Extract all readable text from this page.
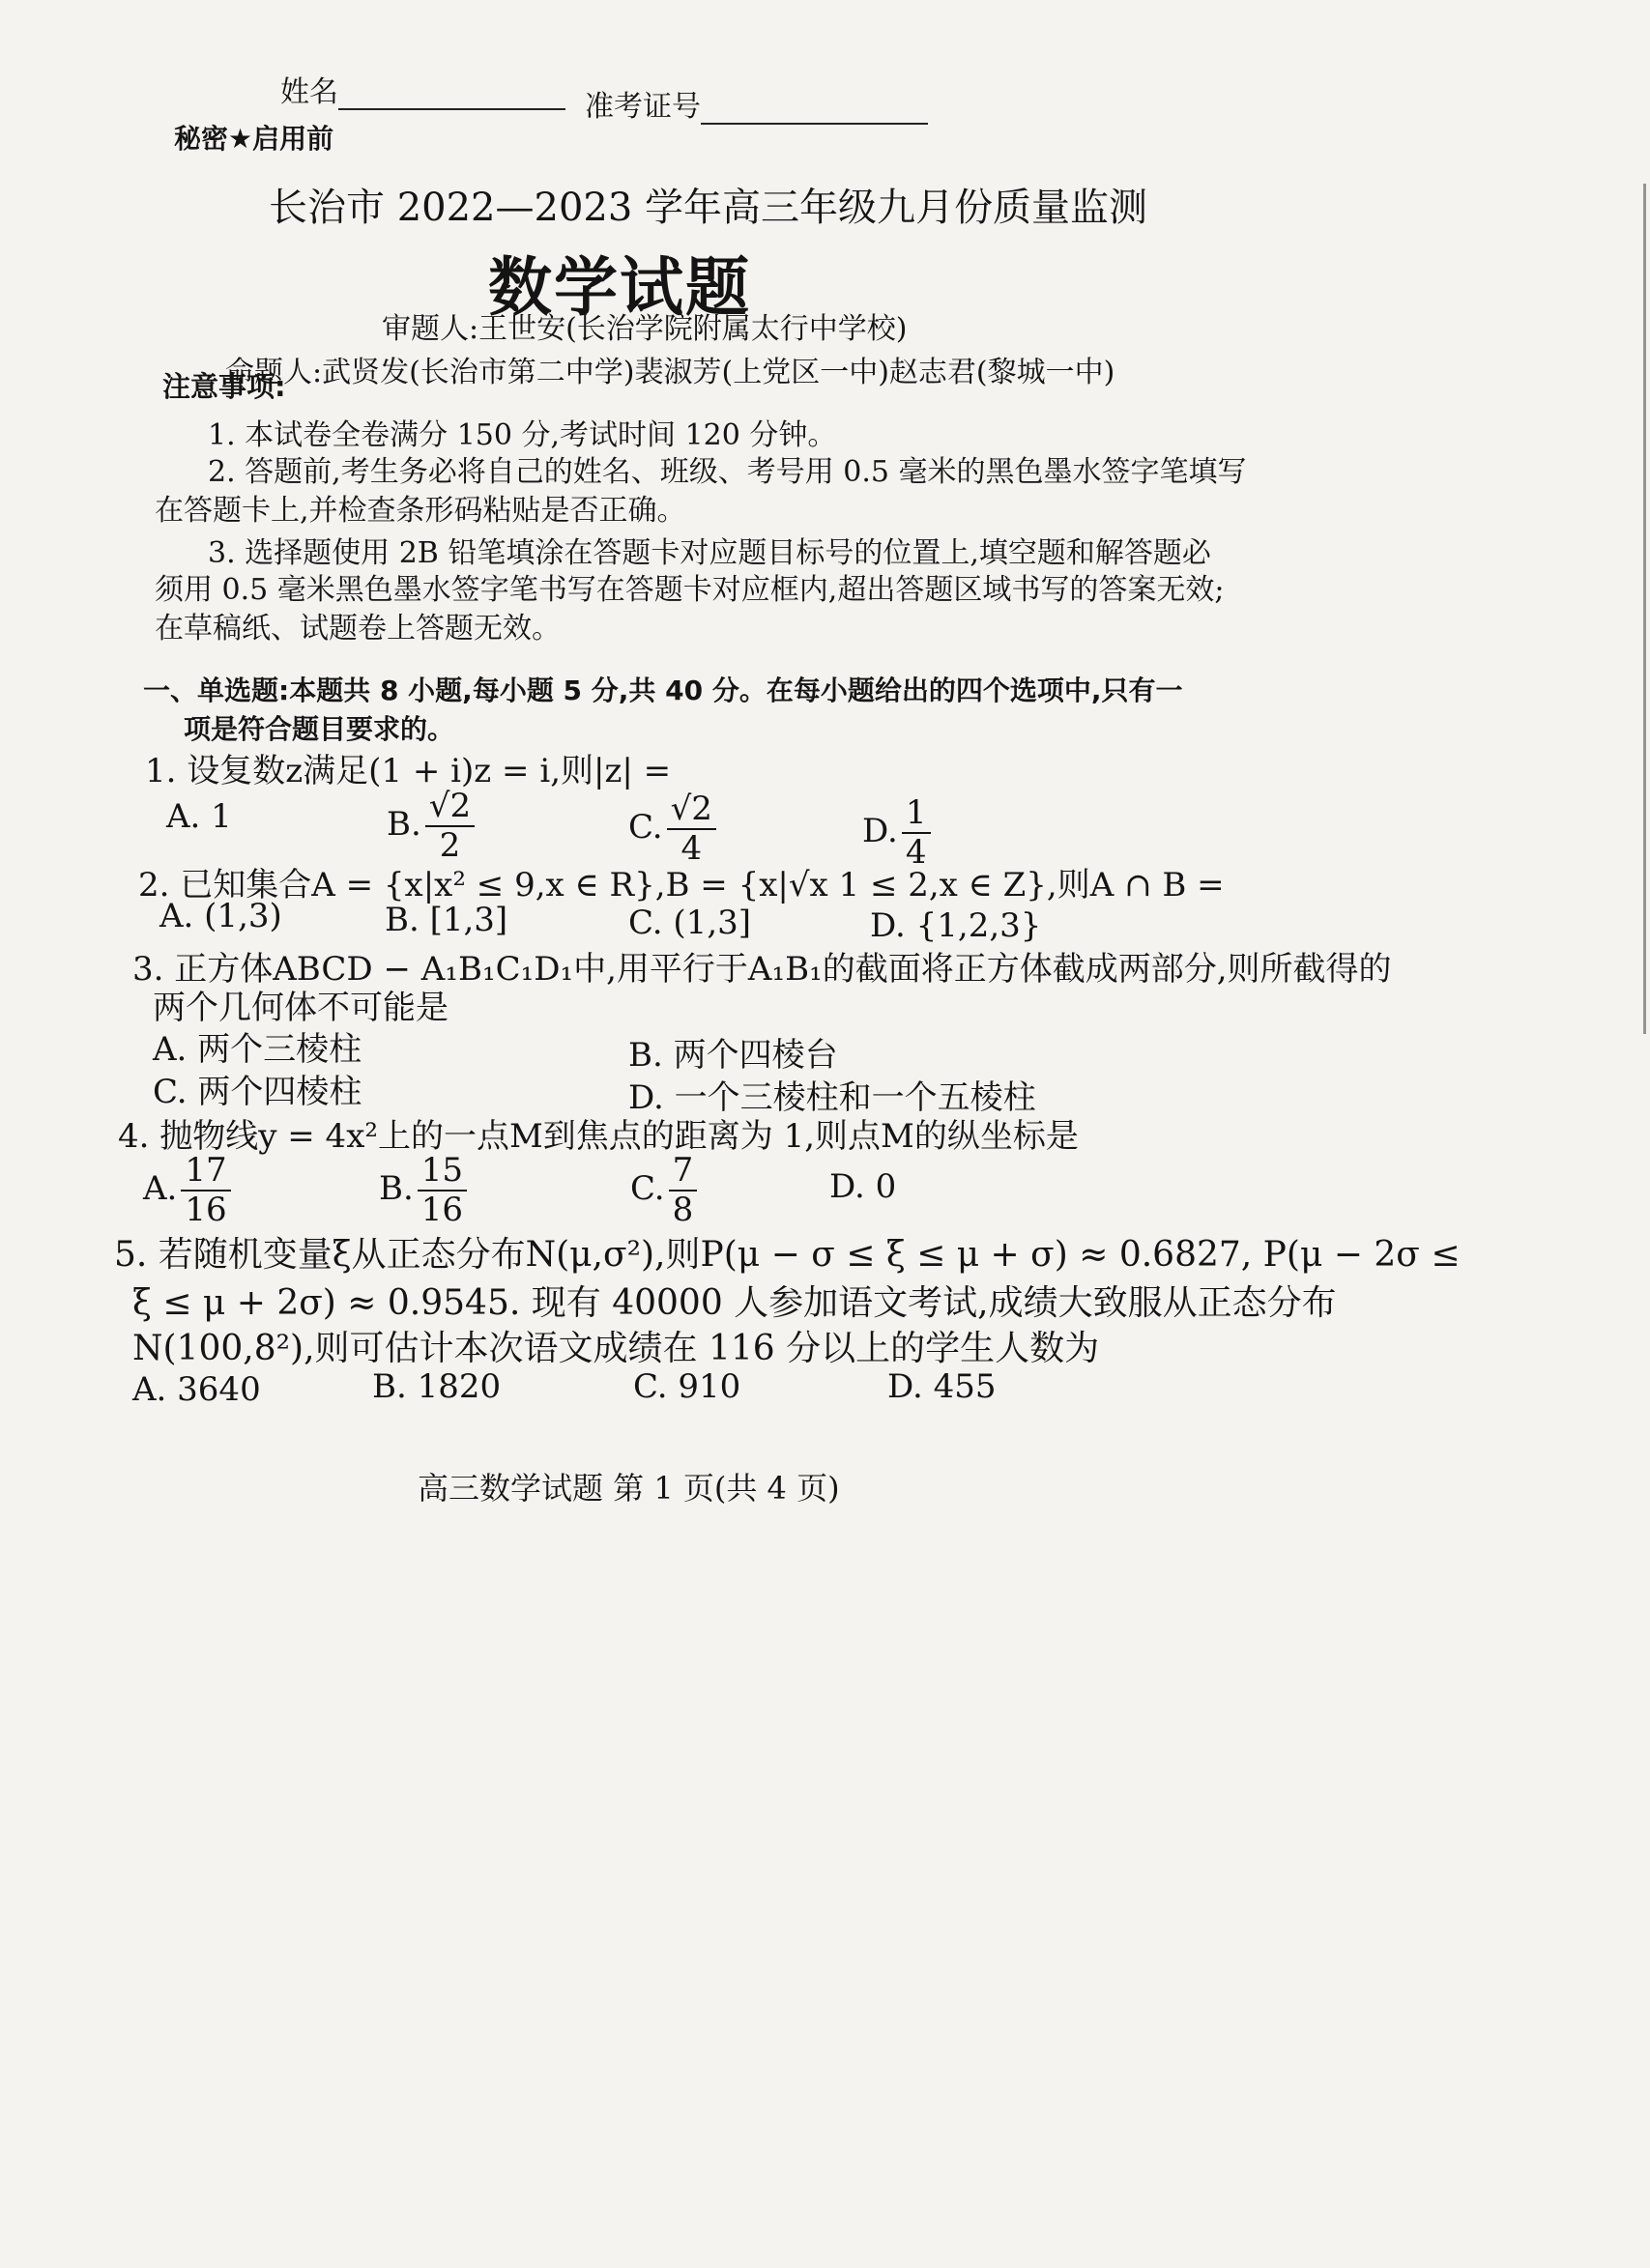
姓名	准考证号
秘密★启用前
长治市 2022—2023 学年高三年级九月份质量监测
数学试题
审题人:王世安(长治学院附属太行中学校)
命题人:武贤发(长治市第二中学)裴淑芳(上党区一中)赵志君(黎城一中)
注意事项:
1. 本试卷全卷满分 150 分,考试时间 120 分钟。
2. 答题前,考生务必将自己的姓名、班级、考号用 0.5 毫米的黑色墨水签字笔填写
在答题卡上,并检查条形码粘贴是否正确。
3. 选择题使用 2B 铅笔填涂在答题卡对应题目标号的位置上,填空题和解答题必
须用 0.5 毫米黑色墨水签字笔书写在答题卡对应框内,超出答题区域书写的答案无效;
在草稿纸、试题卷上答题无效。
一、单选题:本题共 8 小题,每小题 5 分,共 40 分。在每小题给出的四个选项中,只有一
项是符合题目要求的。
1. 设复数z满足(1 + i)z = i,则|z| =
A. 1	B. $\frac{√2}{2}$	C. $\frac{√2}{4}$	D. $\frac{1}{4}$
2. 已知集合A = {x|x² ≤ 9,x ∈ R},B = {x|√x 1 ≤ 2,x ∈ Z},则A ∩ B =
A. (1,3)	B. [1,3]	C. (1,3]	D. {1,2,3}
3. 正方体ABCD − A₁B₁C₁D₁中,用平行于A₁B₁的截面将正方体截成两部分,则所截得的
两个几何体不可能是
A. 两个三棱柱	B. 两个四棱台
C. 两个四棱柱	D. 一个三棱柱和一个五棱柱
4. 抛物线y = 4x²上的一点M到焦点的距离为 1,则点M的纵坐标是
A. $\frac{17}{16}$	B. $\frac{15}{16}$	C. $\frac{7}{8}$	D. 0
5. 若随机变量ξ从正态分布N(μ,σ²),则P(μ − σ ≤ ξ ≤ μ + σ) ≈ 0.6827, P(μ − 2σ ≤
ξ ≤ μ + 2σ) ≈ 0.9545. 现有 40000 人参加语文考试,成绩大致服从正态分布
N(100,8²),则可估计本次语文成绩在 116 分以上的学生人数为
A. 3640	B. 1820	C. 910	D. 455
高三数学试题 第 1 页(共 4 页)
